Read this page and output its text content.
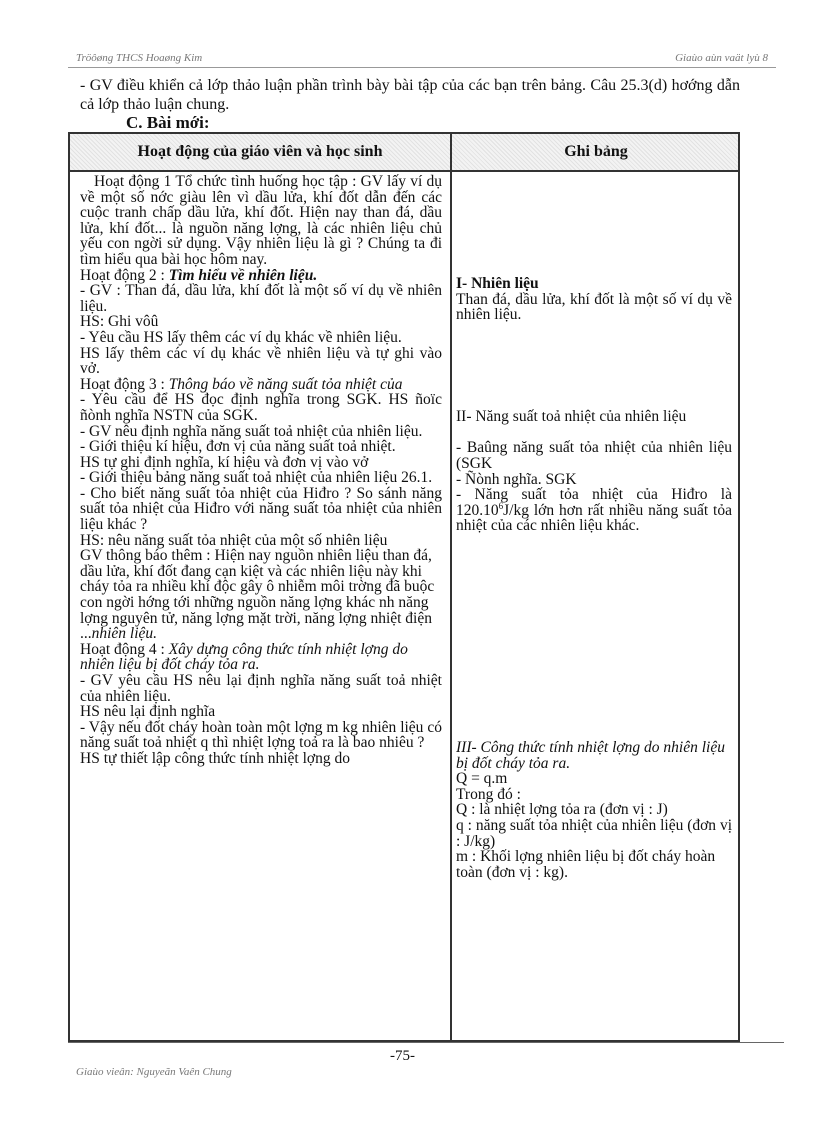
Tröôøng THCS Hoaøng Kim	Giaùo aùn vaät lyù 8
- GV điều khiển cả lớp thảo luận phần trình bày bài tập của các bạn trên bảng. Câu 25.3(d) hơớng dẫn cả lớp thảo luận chung.
C. Bài mới:
Hoạt động của giáo viên và học sinh	Ghi bảng

Hoạt động 1 Tổ chức tình huống học tập : GV lấy ví dụ về một số nớc giàu lên vì dầu lửa, khí đốt dẫn đến các cuộc tranh chấp dầu lửa, khí đốt. Hiện nay than đá, dầu lửa, khí đốt... là nguồn năng lợng, là các nhiên liệu chủ yếu con ngời sử dụng. Vậy nhiên liệu là gì ? Chúng ta đi tìm hiểu qua bài học hôm nay.

Hoạt động 2 : Tìm hiểu về nhiên liệu.

- GV : Than đá, dầu lửa, khí đốt là một số ví dụ về nhiên liệu.

HS: Ghi vôû

- Yêu cầu HS lấy thêm các ví dụ khác về nhiên liệu.

HS lấy thêm các ví dụ khác về nhiên liệu và tự ghi vào vở.

Hoạt động 3 : Thông báo về năng suất tỏa nhiệt của

- Yêu cầu để HS đọc định nghĩa trong SGK. HS ñoïc ñònh nghĩa NSTN của SGK.

- GV nêu định nghĩa năng suất toả nhiệt của nhiên liệu.

- Giới thiệu kí hiệu, đơn vị của năng suất toả nhiệt.

HS tự ghi định nghĩa, kí hiệu và đơn vị vào vở

- Giới thiệu bảng năng suất toả nhiệt của nhiên liệu 26.1.

- Cho biết năng suất tỏa nhiệt của Hiđro ? So sánh năng suất tỏa nhiệt của Hiđro với năng suất tỏa nhiệt của nhiên liệu khác ?

HS: nêu năng suất tỏa nhiệt của một số nhiên liệu

GV thông báo thêm : Hiện nay nguồn nhiên liệu than đá, dầu lửa, khí đốt đang cạn kiệt và các nhiên liệu này khi cháy tỏa ra nhiều khí độc gây ô nhiễm môi trờng đã buộc con ngời hớng tới những nguồn năng lợng khác nh năng lợng nguyên tử, năng lợng mặt trời, năng lợng nhiệt điện ...nhiên liệu.

Hoạt động 4 : Xây dựng công thức tính nhiệt lợng do nhiên liệu bị đốt cháy tỏa ra.

- GV yêu cầu HS nêu lại định nghĩa năng suất toả nhiệt của nhiên liệu.

HS nêu lại định nghĩa

- Vậy nếu đốt cháy hoàn toàn một lợng m kg nhiên liệu có năng suất toả nhiệt q thì nhiệt lợng toả ra là bao nhiêu ?

HS tự thiết lập công thức tính nhiệt lợng do

I- Nhiên liệu

Than đá, dầu lửa, khí đốt là một số ví dụ về nhiên liệu.

II- Năng suất toả nhiệt của nhiên liệu

- Baûng năng suất tỏa nhiệt của nhiên liệu (SGK

- Ñònh nghĩa. SGK

- Năng suất tỏa nhiệt của Hiđro là 120.10$^6$J/kg lớn hơn rất nhiều năng suất tỏa nhiệt của các nhiên liệu khác.

III- Công thức tính nhiệt lợng do nhiên liệu bị đốt cháy tỏa ra.

Q = q.m

Trong đó :

Q : là nhiệt lợng tỏa ra (đơn vị : J)

q : năng suất tỏa nhiệt của nhiên liệu (đơn vị : J/kg)

m : Khối lợng nhiên liệu bị đốt cháy hoàn toàn (đơn vị : kg).

-75-
Giaùo vieân: Nguyeãn Vaên Chung
